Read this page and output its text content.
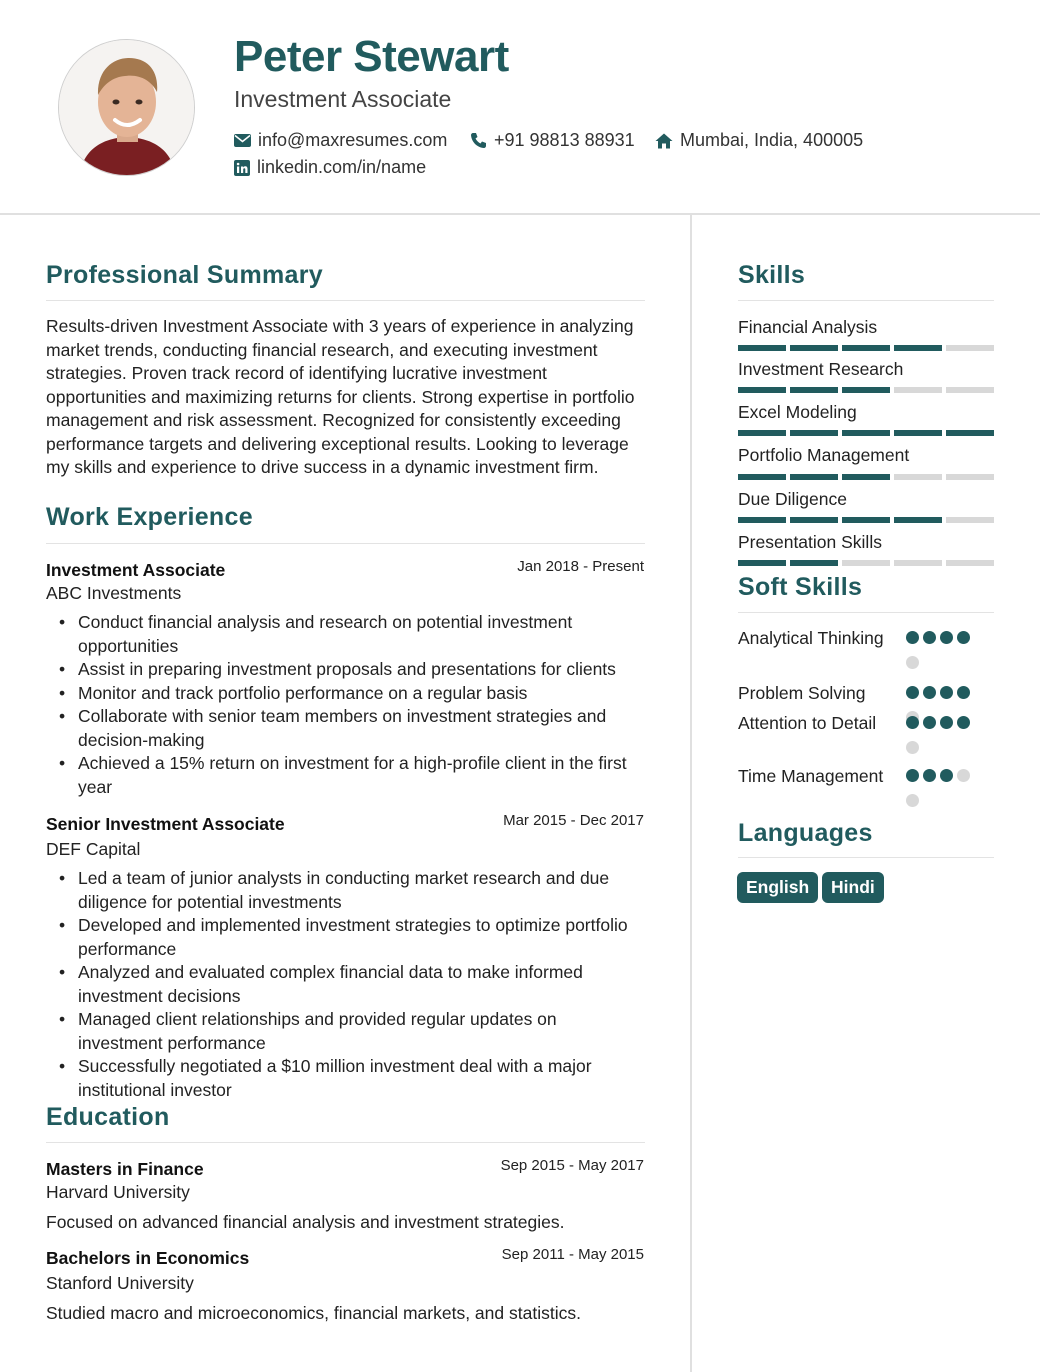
Peter Stewart
Investment Associate
info@maxresumes.com	+91 98813 88931	Mumbai, India, 400005
linkedin.com/in/name
Professional Summary
Results-driven Investment Associate with 3 years of experience in analyzing market trends, conducting financial research, and executing investment strategies. Proven track record of identifying lucrative investment opportunities and maximizing returns for clients. Strong expertise in portfolio management and risk assessment. Recognized for consistently exceeding performance targets and delivering exceptional results. Looking to leverage my skills and experience to drive success in a dynamic investment firm.
Work Experience
Investment Associate	Jan 2018 - Present
ABC Investments
• Conduct financial analysis and research on potential investment opportunities
• Assist in preparing investment proposals and presentations for clients
• Monitor and track portfolio performance on a regular basis
• Collaborate with senior team members on investment strategies and decision-making
• Achieved a 15% return on investment for a high-profile client in the first year
Senior Investment Associate	Mar 2015 - Dec 2017
DEF Capital
• Led a team of junior analysts in conducting market research and due diligence for potential investments
• Developed and implemented investment strategies to optimize portfolio performance
• Analyzed and evaluated complex financial data to make informed investment decisions
• Managed client relationships and provided regular updates on investment performance
• Successfully negotiated a $10 million investment deal with a major institutional investor
Education
Masters in Finance	Sep 2015 - May 2017
Harvard University
Focused on advanced financial analysis and investment strategies.
Bachelors in Economics	Sep 2011 - May 2015
Stanford University
Studied macro and microeconomics, financial markets, and statistics.
Skills
Financial Analysis
Investment Research
Excel Modeling
Portfolio Management
Due Diligence
Presentation Skills
Soft Skills
Analytical Thinking
Problem Solving
Attention to Detail
Time Management
Languages
English	Hindi
